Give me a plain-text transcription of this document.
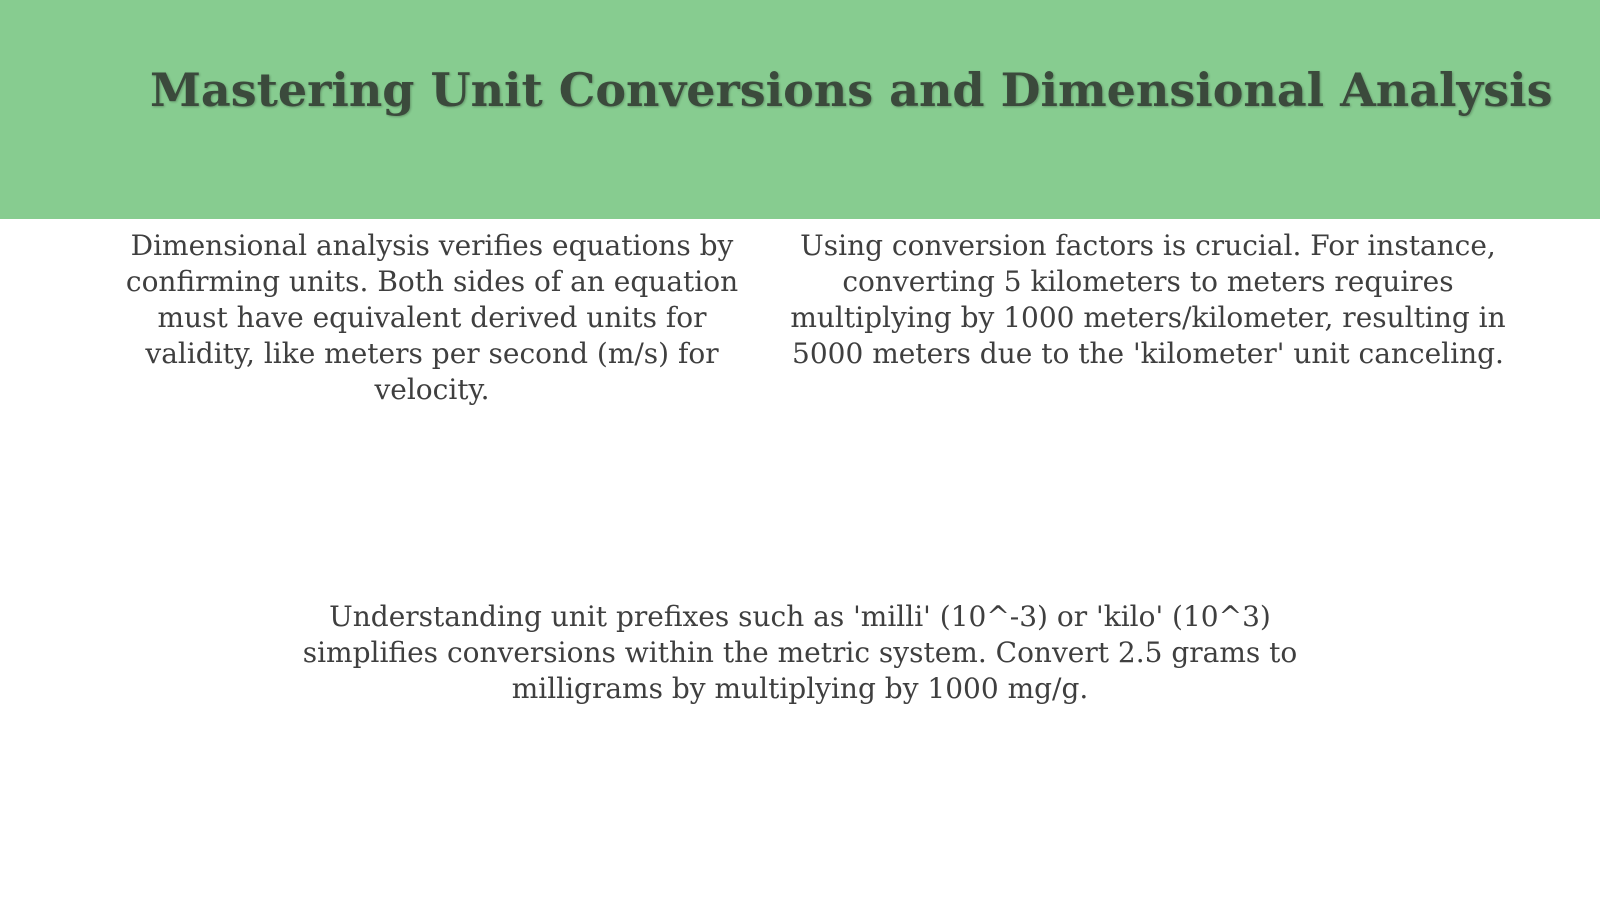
Mastering Unit Conversions and Dimensional Analysis

Dimensional analysis verifies equations by confirming units. Both sides of an equation must have equivalent derived units for validity, like meters per second (m/s) for velocity.

Using conversion factors is crucial. For instance, converting 5 kilometers to meters requires multiplying by 1000 meters/kilometer, resulting in 5000 meters due to the 'kilometer' unit canceling.

Understanding unit prefixes such as 'milli' (10^-3) or 'kilo' (10^3) simplifies conversions within the metric system. Convert 2.5 grams to milligrams by multiplying by 1000 mg/g.
